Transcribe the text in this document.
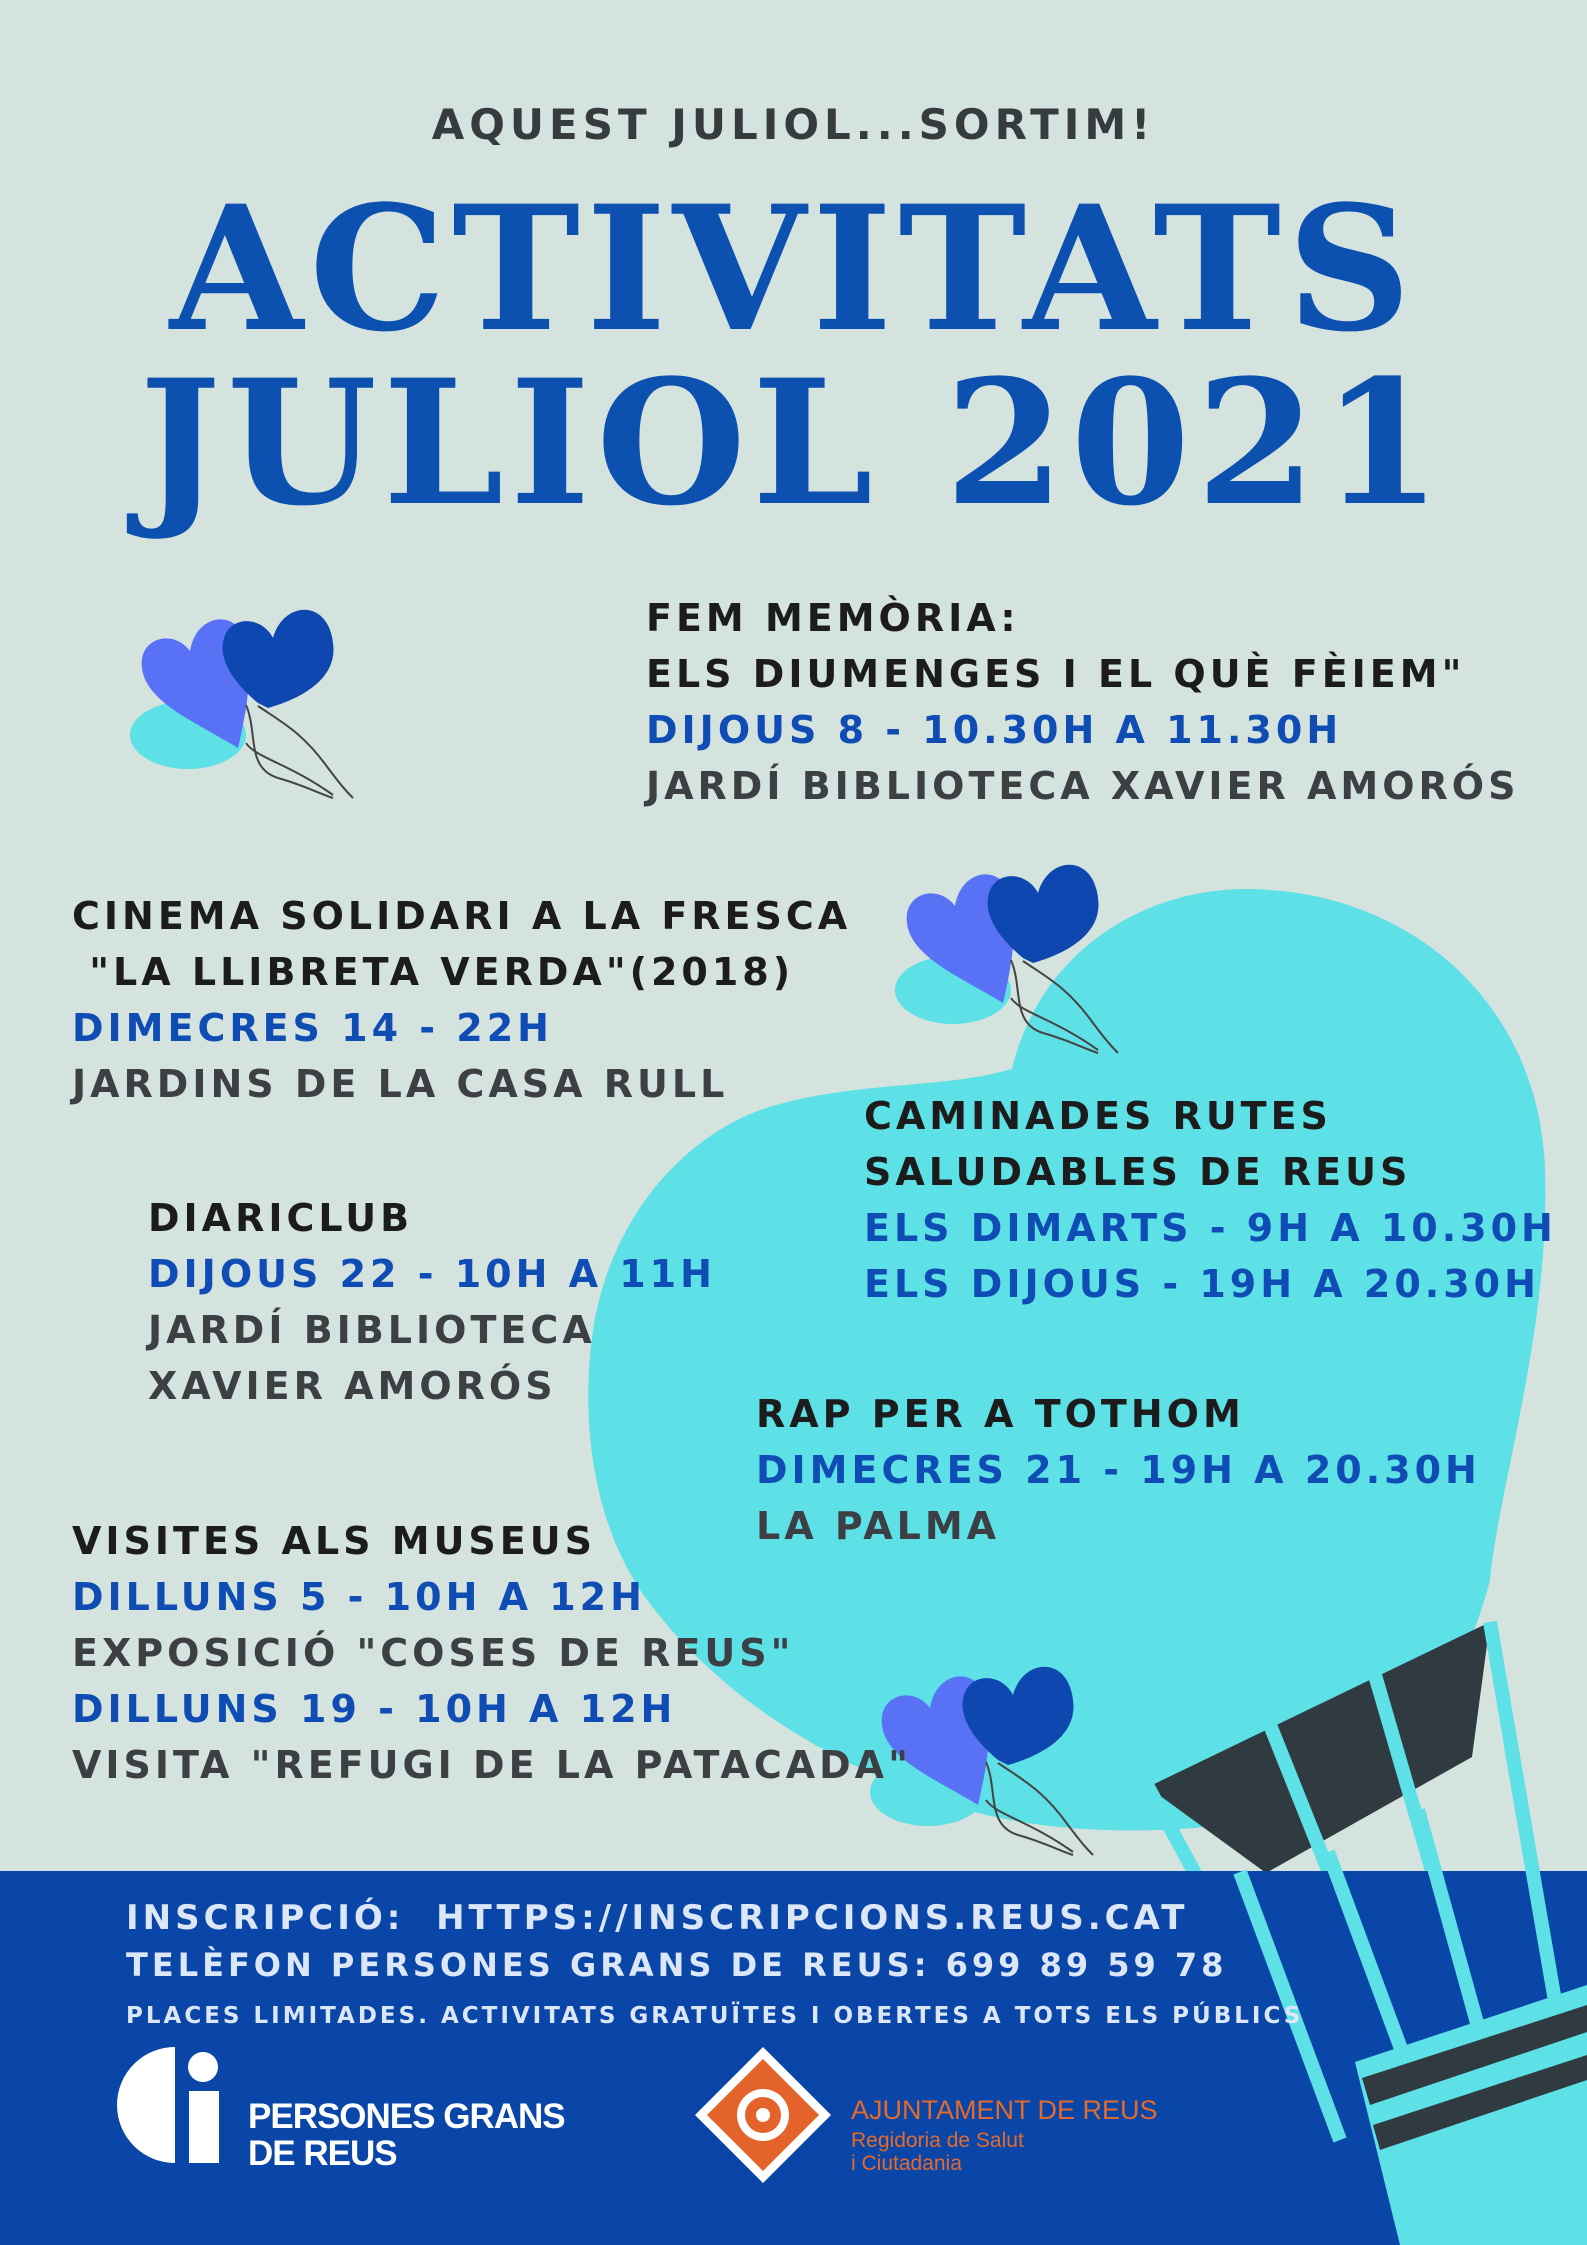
AQUEST JULIOL...SORTIM!

ACTIVITATS
JULIOL 2021
FEM MEMÒRIA:
ELS DIUMENGES I EL QUÈ FÈIEM"
DIJOUS 8 - 10.30H A 11.30H
JARDÍ BIBLIOTECA XAVIER AMORÓS
CINEMA SOLIDARI A LA FRESCA
"LA LLIBRETA VERDA"(2018)
DIMECRES 14 - 22H
JARDINS DE LA CASA RULL
CAMINADES RUTES
SALUDABLES DE REUS
ELS DIMARTS - 9H A 10.30H
ELS DIJOUS - 19H A 20.30H
DIARICLUB
DIJOUS 22 - 10H A 11H
JARDÍ BIBLIOTECA
XAVIER AMORÓS
RAP PER A TOTHOM
DIMECRES 21 - 19H A 20.30H
LA PALMA
VISITES ALS MUSEUS
DILLUNS 5 - 10H A 12H
EXPOSICIÓ "COSES DE REUS"
DILLUNS 19 - 10H A 12H
VISITA "REFUGI DE LA PATACADA"
INSCRIPCIÓ:  HTTPS://INSCRIPCIONS.REUS.CAT
TELÈFON PERSONES GRANS DE REUS: 699 89 59 78
PLACES LIMITADES. ACTIVITATS GRATUÏTES I OBERTES A TOTS ELS PÚBLICS
PERSONES GRANS
DE REUS
AJUNTAMENT DE REUS
Regidoria de Salut
i Ciutadania
